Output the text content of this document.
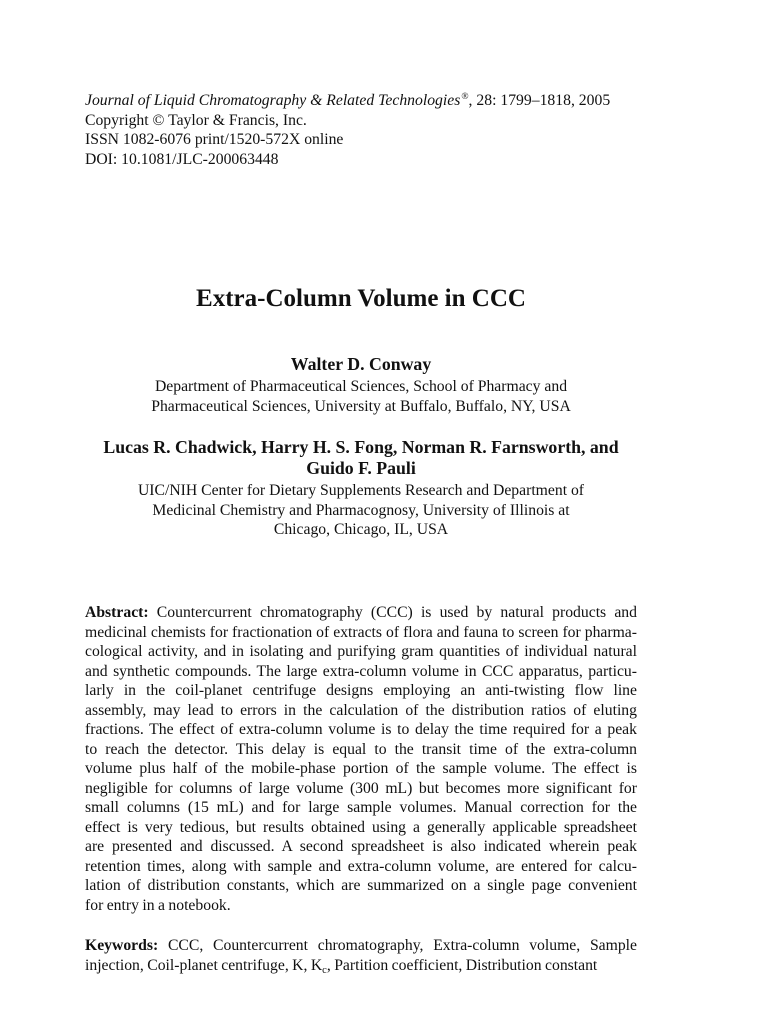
Journal of Liquid Chromatography & Related Technologies®, 28: 1799–1818, 2005
Copyright © Taylor & Francis, Inc.
ISSN 1082-6076 print/1520-572X online
DOI: 10.1081/JLC-200063448
Extra-Column Volume in CCC
Walter D. Conway
Department of Pharmaceutical Sciences, School of Pharmacy and
Pharmaceutical Sciences, University at Buffalo, Buffalo, NY, USA
Lucas R. Chadwick, Harry H. S. Fong, Norman R. Farnsworth, and
Guido F. Pauli
UIC/NIH Center for Dietary Supplements Research and Department of
Medicinal Chemistry and Pharmacognosy, University of Illinois at
Chicago, Chicago, IL, USA
Abstract: Countercurrent chromatography (CCC) is used by natural products and
medicinal chemists for fractionation of extracts of flora and fauna to screen for pharma-
cological activity, and in isolating and purifying gram quantities of individual natural
and synthetic compounds. The large extra-column volume in CCC apparatus, particu-
larly in the coil-planet centrifuge designs employing an anti-twisting flow line
assembly, may lead to errors in the calculation of the distribution ratios of eluting
fractions. The effect of extra-column volume is to delay the time required for a peak
to reach the detector. This delay is equal to the transit time of the extra-column
volume plus half of the mobile-phase portion of the sample volume. The effect is
negligible for columns of large volume (300 mL) but becomes more significant for
small columns (15 mL) and for large sample volumes. Manual correction for the
effect is very tedious, but results obtained using a generally applicable spreadsheet
are presented and discussed. A second spreadsheet is also indicated wherein peak
retention times, along with sample and extra-column volume, are entered for calcu-
lation of distribution constants, which are summarized on a single page convenient
for entry in a notebook.
Keywords: CCC, Countercurrent chromatography, Extra-column volume, Sample
injection, Coil-planet centrifuge, K, $K_c$, Partition coefficient, Distribution constant
